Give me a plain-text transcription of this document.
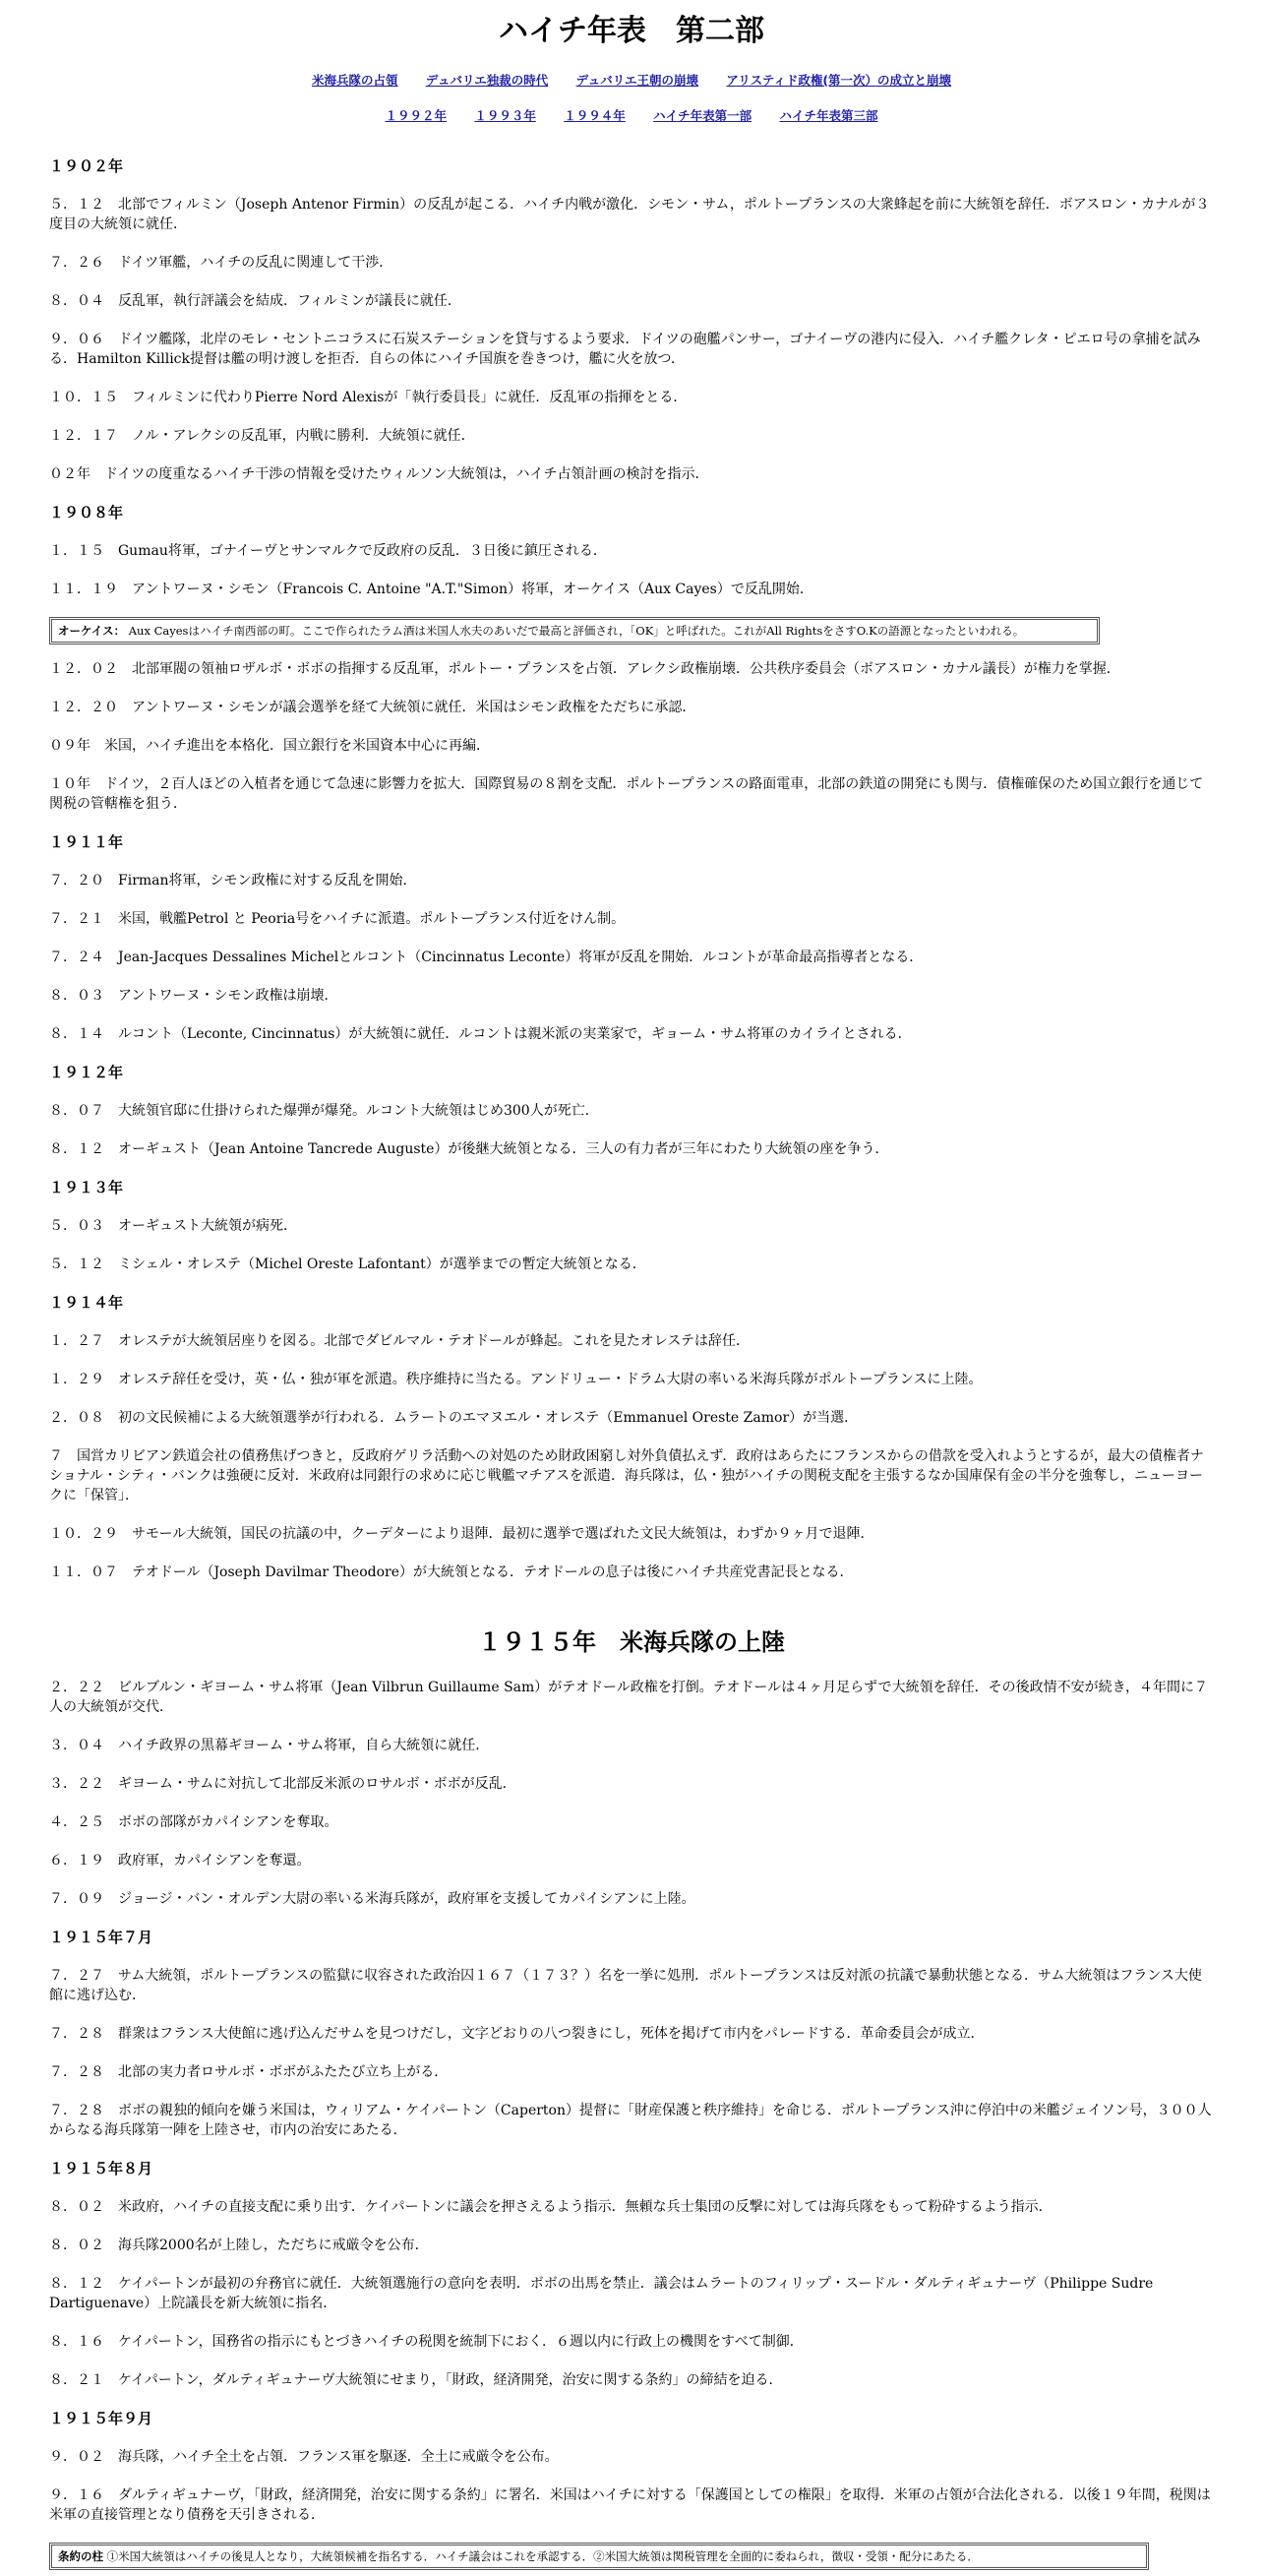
ハイチ年表　第二部
米海兵隊の占領 デュバリエ独裁の時代 デュバリエ王朝の崩壊 アリスティド政権(第一次）の成立と崩壊
１９９２年 １９９３年 １９９４年 ハイチ年表第一部 ハイチ年表第三部

１９０２年

５．１２　北部でフィルミン（Joseph Antenor Firmin）の反乱が起こる．ハイチ内戦が激化．シモン・サム，ポルトープランスの大衆蜂起を前に大統領を辞任．ボアスロン・カナルが３度目の大統領に就任．

７．２６　ドイツ軍艦，ハイチの反乱に関連して干渉．

８．０４　反乱軍，執行評議会を結成．フィルミンが議長に就任．

９．０６　ドイツ艦隊，北岸のモレ・セントニコラスに石炭ステーションを貸与するよう要求．ドイツの砲艦パンサー，ゴナイーヴの港内に侵入．ハイチ艦クレタ・ピエロ号の拿捕を試みる．Hamilton Killick提督は艦の明け渡しを拒否．自らの体にハイチ国旗を巻きつけ，艦に火を放つ．

１０．１５　フィルミンに代わりPierre Nord Alexisが「執行委員長」に就任．反乱軍の指揮をとる．

１２．１７　ノル・アレクシの反乱軍，内戦に勝利．大統領に就任．

０２年　ドイツの度重なるハイチ干渉の情報を受けたウィルソン大統領は，ハイチ占領計画の検討を指示．

１９０８年

１．１５　Gumau将軍，ゴナイーヴとサンマルクで反政府の反乱．３日後に鎮圧される．

１１．１９　アントワーヌ・シモン（Francois C. Antoine "A.T."Simon）将軍，オーケイス（Aux Cayes）で反乱開始．

オーケイス： Aux Cayesはハイチ南西部の町。ここで作られたラム酒は米国人水夫のあいだで最高と評価され，「OK」と呼ばれた。これがAll RightsをさすO.Kの語源となったといわれる。

１２．０２　北部軍閥の領袖ロザルボ・ボボの指揮する反乱軍，ポルトー・プランスを占領．アレクシ政権崩壊．公共秩序委員会（ボアスロン・カナル議長）が権力を掌握．

１２．２０　アントワーヌ・シモンが議会選挙を経て大統領に就任．米国はシモン政権をただちに承認．

０９年　米国，ハイチ進出を本格化．国立銀行を米国資本中心に再編．

１０年　ドイツ，２百人ほどの入植者を通じて急速に影響力を拡大．国際貿易の８割を支配．ポルトープランスの路面電車，北部の鉄道の開発にも関与．債権確保のため国立銀行を通じて関税の管轄権を狙う．

１９１１年

７．２０　Firman将軍，シモン政権に対する反乱を開始．

７．２１　米国，戦艦Petrol と Peoria号をハイチに派遣。ポルトープランス付近をけん制。

７．２４　Jean-Jacques Dessalines Michelとルコント（Cincinnatus Leconte）将軍が反乱を開始．ルコントが革命最高指導者となる．

８．０３　アントワーヌ・シモン政権は崩壊．

８．１４　ルコント（Leconte, Cincinnatus）が大統領に就任．ルコントは親米派の実業家で，ギョーム・サム将軍のカイライとされる．

１９１２年

８．０７　大統領官邸に仕掛けられた爆弾が爆発。ルコント大統領はじめ300人が死亡．

８．１２　オーギュスト（Jean Antoine Tancrede Auguste）が後継大統領となる．三人の有力者が三年にわたり大統領の座を争う．

１９１３年

５．０３　オーギュスト大統領が病死．

５．１２　ミシェル・オレステ（Michel Oreste Lafontant）が選挙までの暫定大統領となる．

１９１４年

１．２７　オレステが大統領居座りを図る。北部でダビルマル・テオドールが蜂起。これを見たオレステは辞任．

１．２９　オレステ辞任を受け，英・仏・独が軍を派遣。秩序維持に当たる。アンドリュー・ドラム大尉の率いる米海兵隊がポルトープランスに上陸。

２．０８　初の文民候補による大統領選挙が行われる．ムラートのエマヌエル・オレステ（Emmanuel Oreste Zamor）が当選．

７　国営カリビアン鉄道会社の債務焦げつきと，反政府ゲリラ活動への対処のため財政困窮し対外負債払えず．政府はあらたにフランスからの借款を受入れようとするが，最大の債権者ナショナル・シティ・バンクは強硬に反対．米政府は同銀行の求めに応じ戦艦マチアスを派遣．海兵隊は，仏・独がハイチの関税支配を主張するなか国庫保有金の半分を強奪し，ニューヨークに「保管」．

１０．２９　サモール大統領，国民の抗議の中，クーデターにより退陣．最初に選挙で選ばれた文民大統領は，わずか９ヶ月で退陣．

１１．０７　テオドール（Joseph Davilmar Theodore）が大統領となる．テオドールの息子は後にハイチ共産党書記長となる．

１９１５年　米海兵隊の上陸

２．２２　ビルブルン・ギヨーム・サム将軍（Jean Vilbrun Guillaume Sam）がテオドール政権を打倒。テオドールは４ヶ月足らずで大統領を辞任．その後政情不安が続き，４年間に７人の大統領が交代．

３．０４　ハイチ政界の黒幕ギヨーム・サム将軍，自ら大統領に就任．

３．２２　ギヨーム・サムに対抗して北部反米派のロサルボ・ボボが反乱．

４．２５　ボボの部隊がカパイシアンを奪取。

６．１９　政府軍，カパイシアンを奪還。

７．０９　ジョージ・バン・オルデン大尉の率いる米海兵隊が，政府軍を支援してカパイシアンに上陸。

１９１５年７月

７．２７　サム大統領，ポルトープランスの監獄に収容された政治囚１６７（１７３？）名を一挙に処刑．ポルトープランスは反対派の抗議で暴動状態となる．サム大統領はフランス大使館に逃げ込む．

７．２８　群衆はフランス大使館に逃げ込んだサムを見つけだし，文字どおりの八つ裂きにし，死体を掲げて市内をパレードする．革命委員会が成立．

７．２８　北部の実力者ロサルボ・ボボがふたたび立ち上がる．

７．２８　ボボの親独的傾向を嫌う米国は，ウィリアム・ケイパートン（Caperton）提督に「財産保護と秩序維持」を命じる．ポルトープランス沖に停泊中の米艦ジェイソン号，３００人からなる海兵隊第一陣を上陸させ，市内の治安にあたる．

１９１５年８月

８．０２　米政府，ハイチの直接支配に乗り出す．ケイパートンに議会を押さえるよう指示．無頼な兵士集団の反撃に対しては海兵隊をもって粉砕するよう指示．

８．０２　海兵隊2000名が上陸し，ただちに戒厳令を公布．

８．１２　ケイパートンが最初の弁務官に就任．大統領選施行の意向を表明．ボボの出馬を禁止．議会はムラートのフィリップ・スードル・ダルティギュナーヴ（Philippe Sudre Dartiguenave）上院議長を新大統領に指名．

８．１６　ケイパートン，国務省の指示にもとづきハイチの税関を統制下におく．６週以内に行政上の機関をすべて制御．

８．２１　ケイパートン，ダルティギュナーヴ大統領にせまり，「財政，経済開発，治安に関する条約」の締結を迫る．

１９１５年９月

９．０２　海兵隊，ハイチ全土を占領．フランス軍を駆逐．全土に戒厳令を公布。

９．１６　ダルティギュナーヴ，「財政，経済開発，治安に関する条約」に署名．米国はハイチに対する「保護国としての権限」を取得．米軍の占領が合法化される．以後１９年間，税関は米軍の直接管理となり債務を天引きされる．

条約の柱 ①米国大統領はハイチの後見人となり，大統領候補を指名する．ハイチ議会はこれを承認する．②米国大統領は関税管理を全面的に委ねられ，徴収・受領・配分にあたる．
